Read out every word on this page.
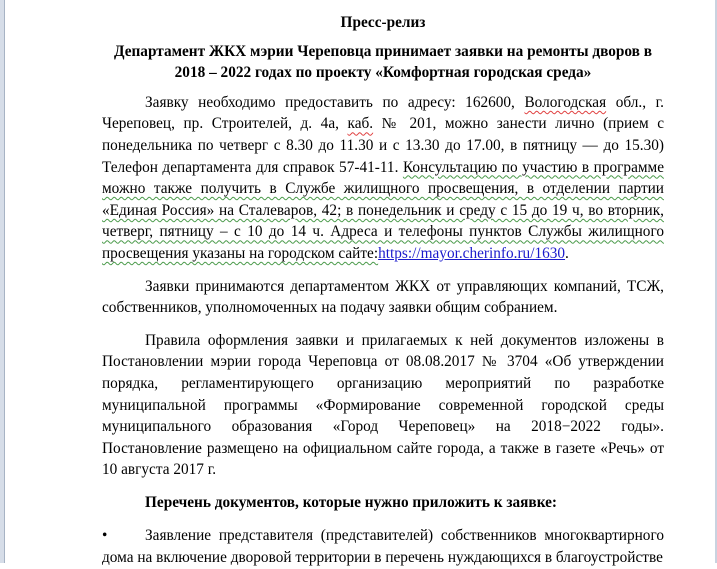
Пресс-релиз
Департамент ЖКХ мэрии Череповца принимает заявки на ремонты дворов в 2018 – 2022 годах по проекту «Комфортная городская среда»

Заявку необходимо предоставить по адресу: 162600, Вологодская обл., г. Череповец, пр. Строителей, д. 4а, каб. № 201, можно занести лично (прием с понедельника по четверг с 8.30 до 11.30 и с 13.30 до 17.00, в пятницу — до 15.30) Телефон департамента для справок 57-41-11. Консультацию по участию в программе можно также получить в Службе жилищного просвещения, в отделении партии «Единая Россия» на Сталеваров, 42; в понедельник и среду с 15 до 19 ч, во вторник, четверг, пятницу – с 10 до 14 ч. Адреса и телефоны пунктов Службы жилищного просвещения указаны на городском сайте:https://mayor.cherinfo.ru/1630.

Заявки принимаются департаментом ЖКХ от управляющих компаний, ТСЖ, собственников, уполномоченных на подачу заявки общим собранием.

Правила оформления заявки и прилагаемых к ней документов изложены в Постановлении мэрии города Череповца от 08.08.2017 № 3704 «Об утверждении порядка, регламентирующего организацию мероприятий по разработке муниципальной программы «Формирование современной городской среды муниципального образования «Город Череповец» на 2018−2022 годы». Постановление размещено на официальном сайте города, а также в газете «Речь» от 10 августа 2017 г.

Перечень документов, которые нужно приложить к заявке:

• Заявление представителя (представителей) собственников многоквартирного дома на включение дворовой территории в перечень нуждающихся в благоустройстве
